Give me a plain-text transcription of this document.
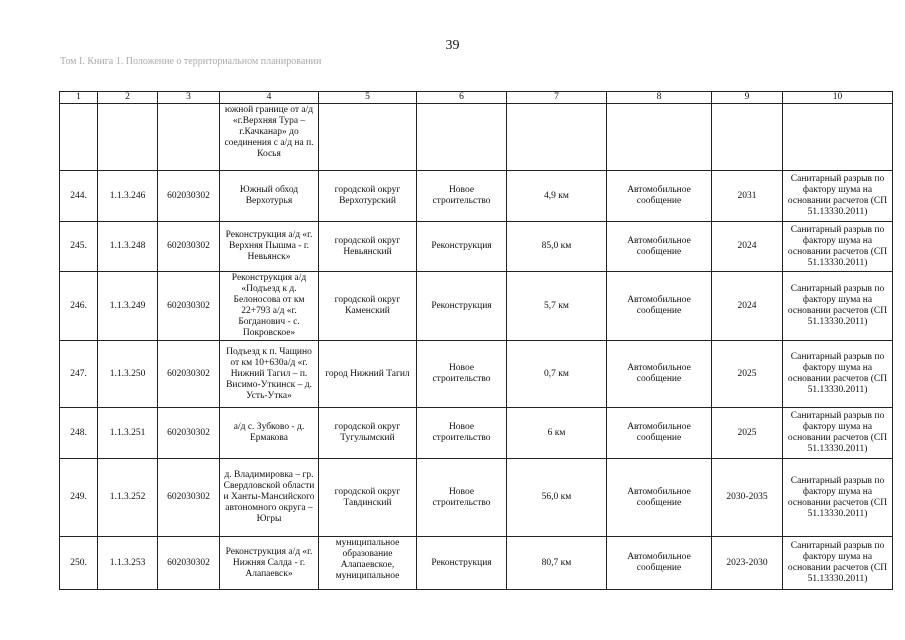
39
Том I. Книга 1. Положение о территориальном планировании
1	2	3	4	5	6	7	8	9	10
			южной границе от а/д «г.Верхняя Тура – г.Качканар» до соединения с а/д на п. Косья						
244.	1.1.3.246	602030302	Южный обход Верхотурья	городской округ Верхотурский	Новое строительство	4,9 км	Автомобильное сообщение	2031	Санитарный разрыв по фактору шума на основании расчетов (СП 51.13330.2011)
245.	1.1.3.248	602030302	Реконструкция а/д «г. Верхняя Пышма - г. Невьянск»	городской округ Невьянский	Реконструкция	85,0 км	Автомобильное сообщение	2024	Санитарный разрыв по фактору шума на основании расчетов (СП 51.13330.2011)
246.	1.1.3.249	602030302	Реконструкция а/д «Подъезд к д. Белоносова от км 22+793 а/д «г. Богданович - с. Покровское»	городской округ Каменский	Реконструкция	5,7 км	Автомобильное сообщение	2024	Санитарный разрыв по фактору шума на основании расчетов (СП 51.13330.2011)
247.	1.1.3.250	602030302	Подъезд к п. Чащино от км 10+630а/д «г. Нижний Тагил – п. Висимо-Уткинск – д. Усть-Утка»	город Нижний Тагил	Новое строительство	0,7 км	Автомобильное сообщение	2025	Санитарный разрыв по фактору шума на основании расчетов (СП 51.13330.2011)
248.	1.1.3.251	602030302	а/д с. Зубково - д. Ермакова	городской округ Тугулымский	Новое строительство	6 км	Автомобильное сообщение	2025	Санитарный разрыв по фактору шума на основании расчетов (СП 51.13330.2011)
249.	1.1.3.252	602030302	д. Владимировка – гр. Свердловской области и Ханты-Мансийского автономного округа – Югры	городской округ Тавдинский	Новое строительство	56,0 км	Автомобильное сообщение	2030-2035	Санитарный разрыв по фактору шума на основании расчетов (СП 51.13330.2011)
250.	1.1.3.253	602030302	Реконструкция а/д «г. Нижняя Салда - г. Алапаевск»	муниципальное образование Алапаевское, муниципальное	Реконструкция	80,7 км	Автомобильное сообщение	2023-2030	Санитарный разрыв по фактору шума на основании расчетов (СП 51.13330.2011)
